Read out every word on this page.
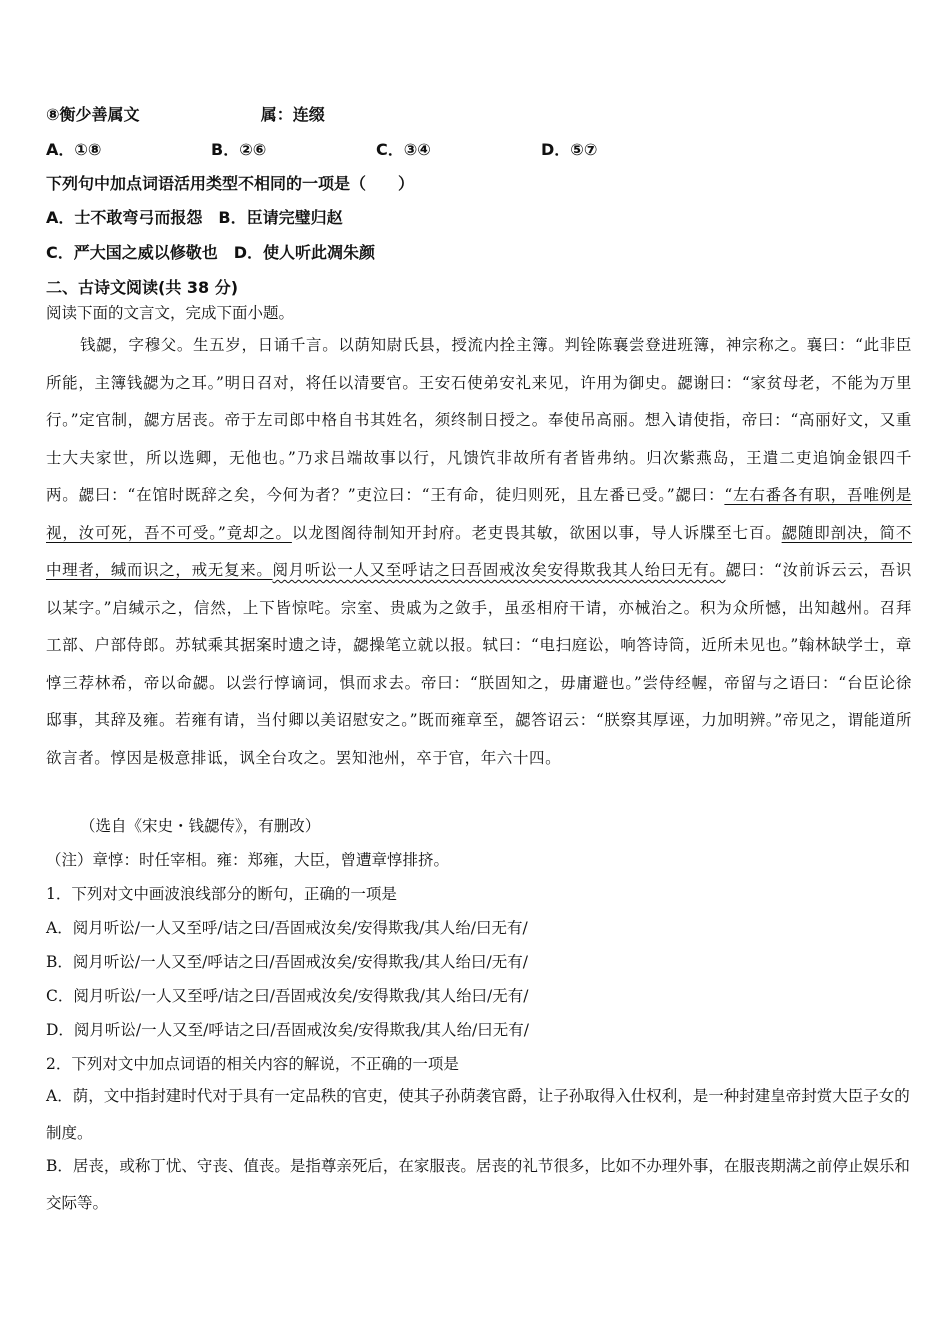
⑧衡少善属文	属：连缀
A．①⑧	B．②⑥	C．③④	D．⑤⑦
下列句中加点词语活用类型不相同的一项是（　　）
A．士不敢弯弓而报怨　B．臣请完璧归赵
C．严大国之威以修敬也　D．使人听此凋朱颜
二、古诗文阅读(共 38 分)
阅读下面的文言文，完成下面小题。
钱勰，字穆父。生五岁，日诵千言。以荫知尉氏县，授流内拴主簿。判铨陈襄尝登进班簿，神宗称之。襄曰：“此非臣所能，主簿钱勰为之耳。”明日召对，将任以清要官。王安石使弟安礼来见，许用为御史。勰谢曰：“家贫母老，不能为万里行。”定官制，勰方居丧。帝于左司郎中格自书其姓名，须终制日授之。奉使吊高丽。想入请使指，帝曰：“高丽好文，又重士大夫家世，所以选卿，无他也。”乃求吕端故事以行，凡馈饩非故所有者皆弗纳。归次紫燕岛，王遣二吏追饷金银四千两。勰曰：“在馆时既辞之矣，今何为者？”吏泣曰：“王有命，徒归则死，且左番已受。”勰曰：“左右番各有职，吾唯例是视，汝可死，吾不可受。”竟却之。以龙图阁待制知开封府。老吏畏其敏，欲困以事，导人诉牒至七百。勰随即剖决，简不中理者，缄而识之，戒无复来。阅月听讼一人又至呼诘之曰吾固戒汝矣安得欺我其人绐曰无有。勰曰：“汝前诉云云，吾识以某字。”启缄示之，信然，上下皆惊咤。宗室、贵戚为之敛手，虽丞相府干请，亦械治之。积为众所憾，出知越州。召拜工部、户部侍郎。苏轼乘其据案时遗之诗，勰操笔立就以报。轼曰：“电扫庭讼，响答诗筒，近所未见也。”翰林缺学士，章惇三荐林希，帝以命勰。以尝行惇谪词，惧而求去。帝曰：“朕固知之，毋庸避也。”尝侍经幄，帝留与之语曰：“台臣论徐邸事，其辞及雍。若雍有请，当付卿以美诏慰安之。”既而雍章至，勰答诏云：“朕察其厚诬，力加明辨。”帝见之，谓能道所欲言者。惇因是极意排诋，讽全台攻之。罢知池州，卒于官，年六十四。
（选自《宋史・钱勰传》，有删改）
（注）章惇：时任宰相。雍：郑雍，大臣，曾遭章惇排挤。
1．下列对文中画波浪线部分的断句，正确的一项是
A．阅月听讼/一人又至呼/诘之曰/吾固戒汝矣/安得欺我/其人绐/曰无有/
B．阅月听讼/一人又至/呼诘之曰/吾固戒汝矣/安得欺我/其人绐曰/无有/
C．阅月听讼/一人又至呼/诘之曰/吾固戒汝矣/安得欺我/其人绐曰/无有/
D．阅月听讼/一人又至/呼诘之曰/吾固戒汝矣/安得欺我/其人绐/曰无有/
2．下列对文中加点词语的相关内容的解说，不正确的一项是
A．荫，文中指封建时代对于具有一定品秩的官吏，使其子孙荫袭官爵，让子孙取得入仕权利，是一种封建皇帝封赏大臣子女的制度。
B．居丧，或称丁忧、守丧、值丧。是指尊亲死后，在家服丧。居丧的礼节很多，比如不办理外事，在服丧期满之前停止娱乐和交际等。
